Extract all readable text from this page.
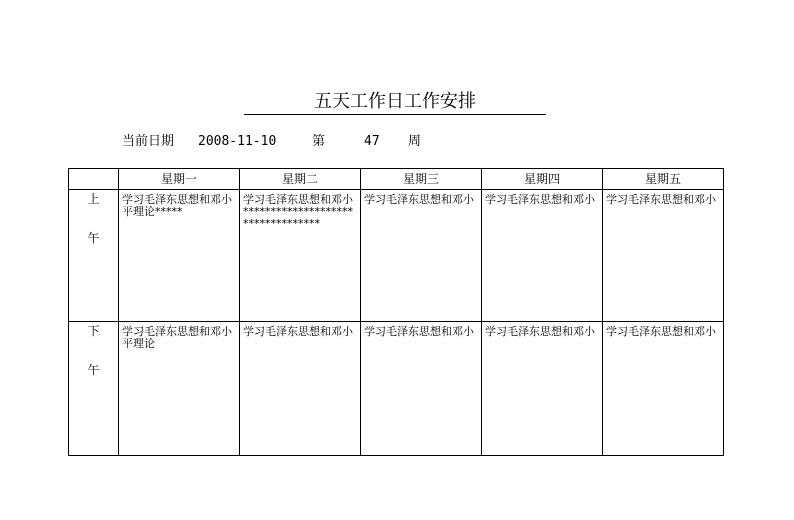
五天工作日工作安排
当前日期 2008-11-10	第	47 周
	星期一	星期二	星期三	星期四	星期五

上
午	学习毛泽东思想和邓小平理论*****	学习毛泽东思想和邓小**********************************	学习毛泽东思想和邓小	学习毛泽东思想和邓小	学习毛泽东思想和邓小

下
午	学习毛泽东思想和邓小平理论	学习毛泽东思想和邓小	学习毛泽东思想和邓小	学习毛泽东思想和邓小	学习毛泽东思想和邓小
